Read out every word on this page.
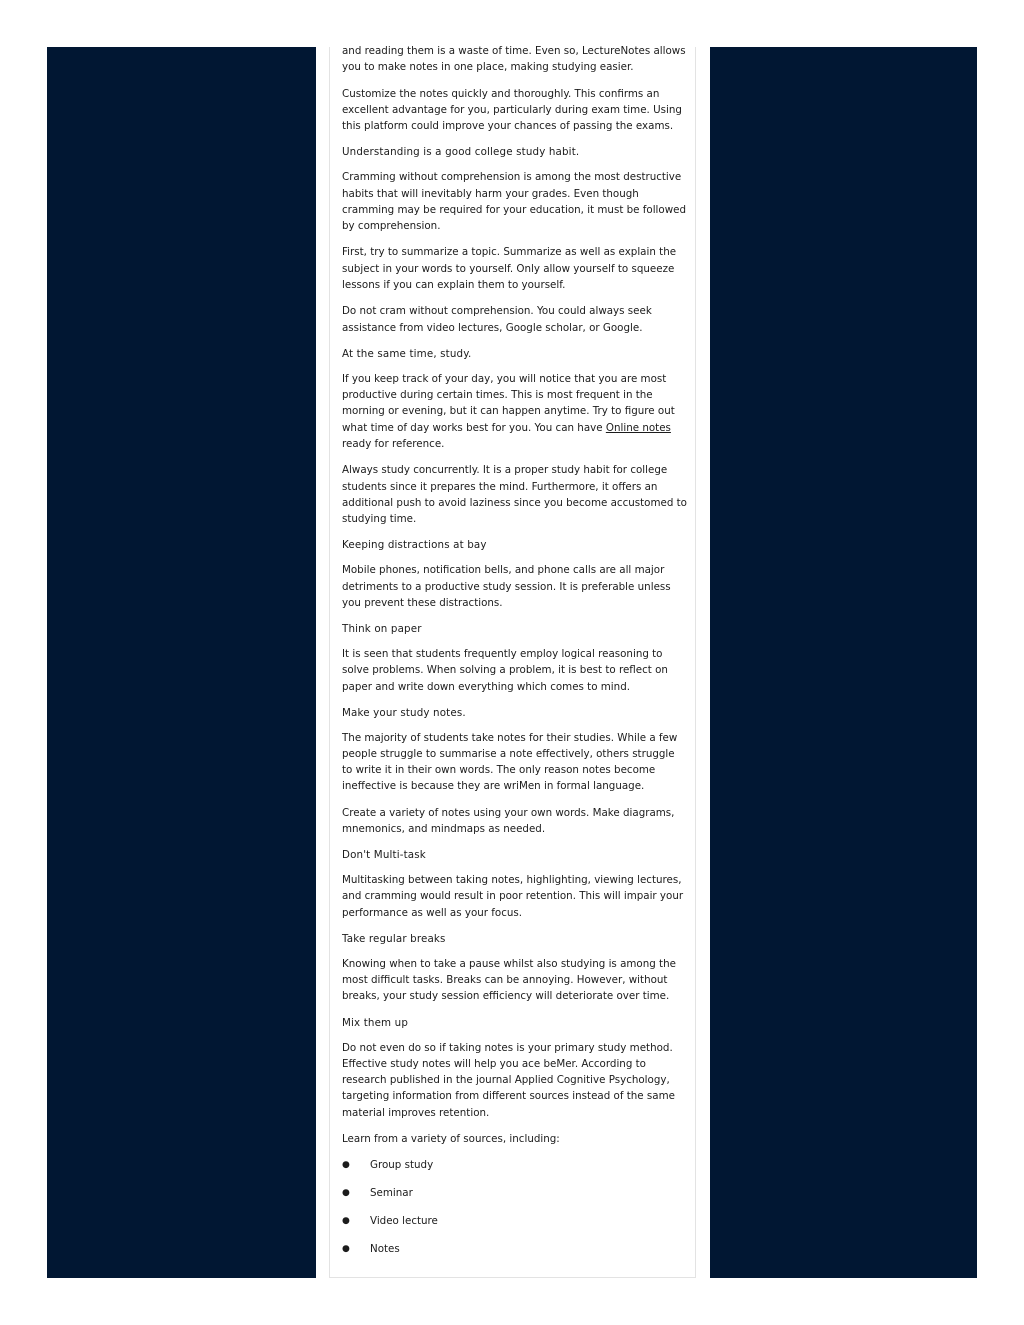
and reading them is a waste of time. Even so, LectureNotes allows you to make notes in one place, making studying easier.

Customize the notes quickly and thoroughly. This confirms an excellent advantage for you, particularly during exam time. Using this platform could improve your chances of passing the exams.

Understanding is a good college study habit.

Cramming without comprehension is among the most destructive habits that will inevitably harm your grades. Even though cramming may be required for your education, it must be followed by comprehension.

First, try to summarize a topic. Summarize as well as explain the subject in your words to yourself. Only allow yourself to squeeze lessons if you can explain them to yourself.

Do not cram without comprehension. You could always seek assistance from video lectures, Google scholar, or Google.

At the same time, study.

If you keep track of your day, you will notice that you are most productive during certain times. This is most frequent in the morning or evening, but it can happen anytime. Try to figure out what time of day works best for you. You can have Online notes ready for reference.

Always study concurrently. It is a proper study habit for college students since it prepares the mind. Furthermore, it offers an additional push to avoid laziness since you become accustomed to studying time.

Keeping distractions at bay

Mobile phones, notification bells, and phone calls are all major detriments to a productive study session. It is preferable unless you prevent these distractions.

Think on paper

It is seen that students frequently employ logical reasoning to solve problems. When solving a problem, it is best to reflect on paper and write down everything which comes to mind.

Make your study notes.

The majority of students take notes for their studies. While a few people struggle to summarise a note effectively, others struggle to write it in their own words. The only reason notes become ineffective is because they are wriMen in formal language.

Create a variety of notes using your own words. Make diagrams, mnemonics, and mindmaps as needed.

Don't Multi-task

Multitasking between taking notes, highlighting, viewing lectures, and cramming would result in poor retention. This will impair your performance as well as your focus.

Take regular breaks

Knowing when to take a pause whilst also studying is among the most difficult tasks. Breaks can be annoying. However, without breaks, your study session efficiency will deteriorate over time.

Mix them up

Do not even do so if taking notes is your primary study method. Effective study notes will help you ace beMer. According to research published in the journal Applied Cognitive Psychology, targeting information from different sources instead of the same material improves retention.

Learn from a variety of sources, including:

● Group study
● Seminar
● Video lecture
● Notes
